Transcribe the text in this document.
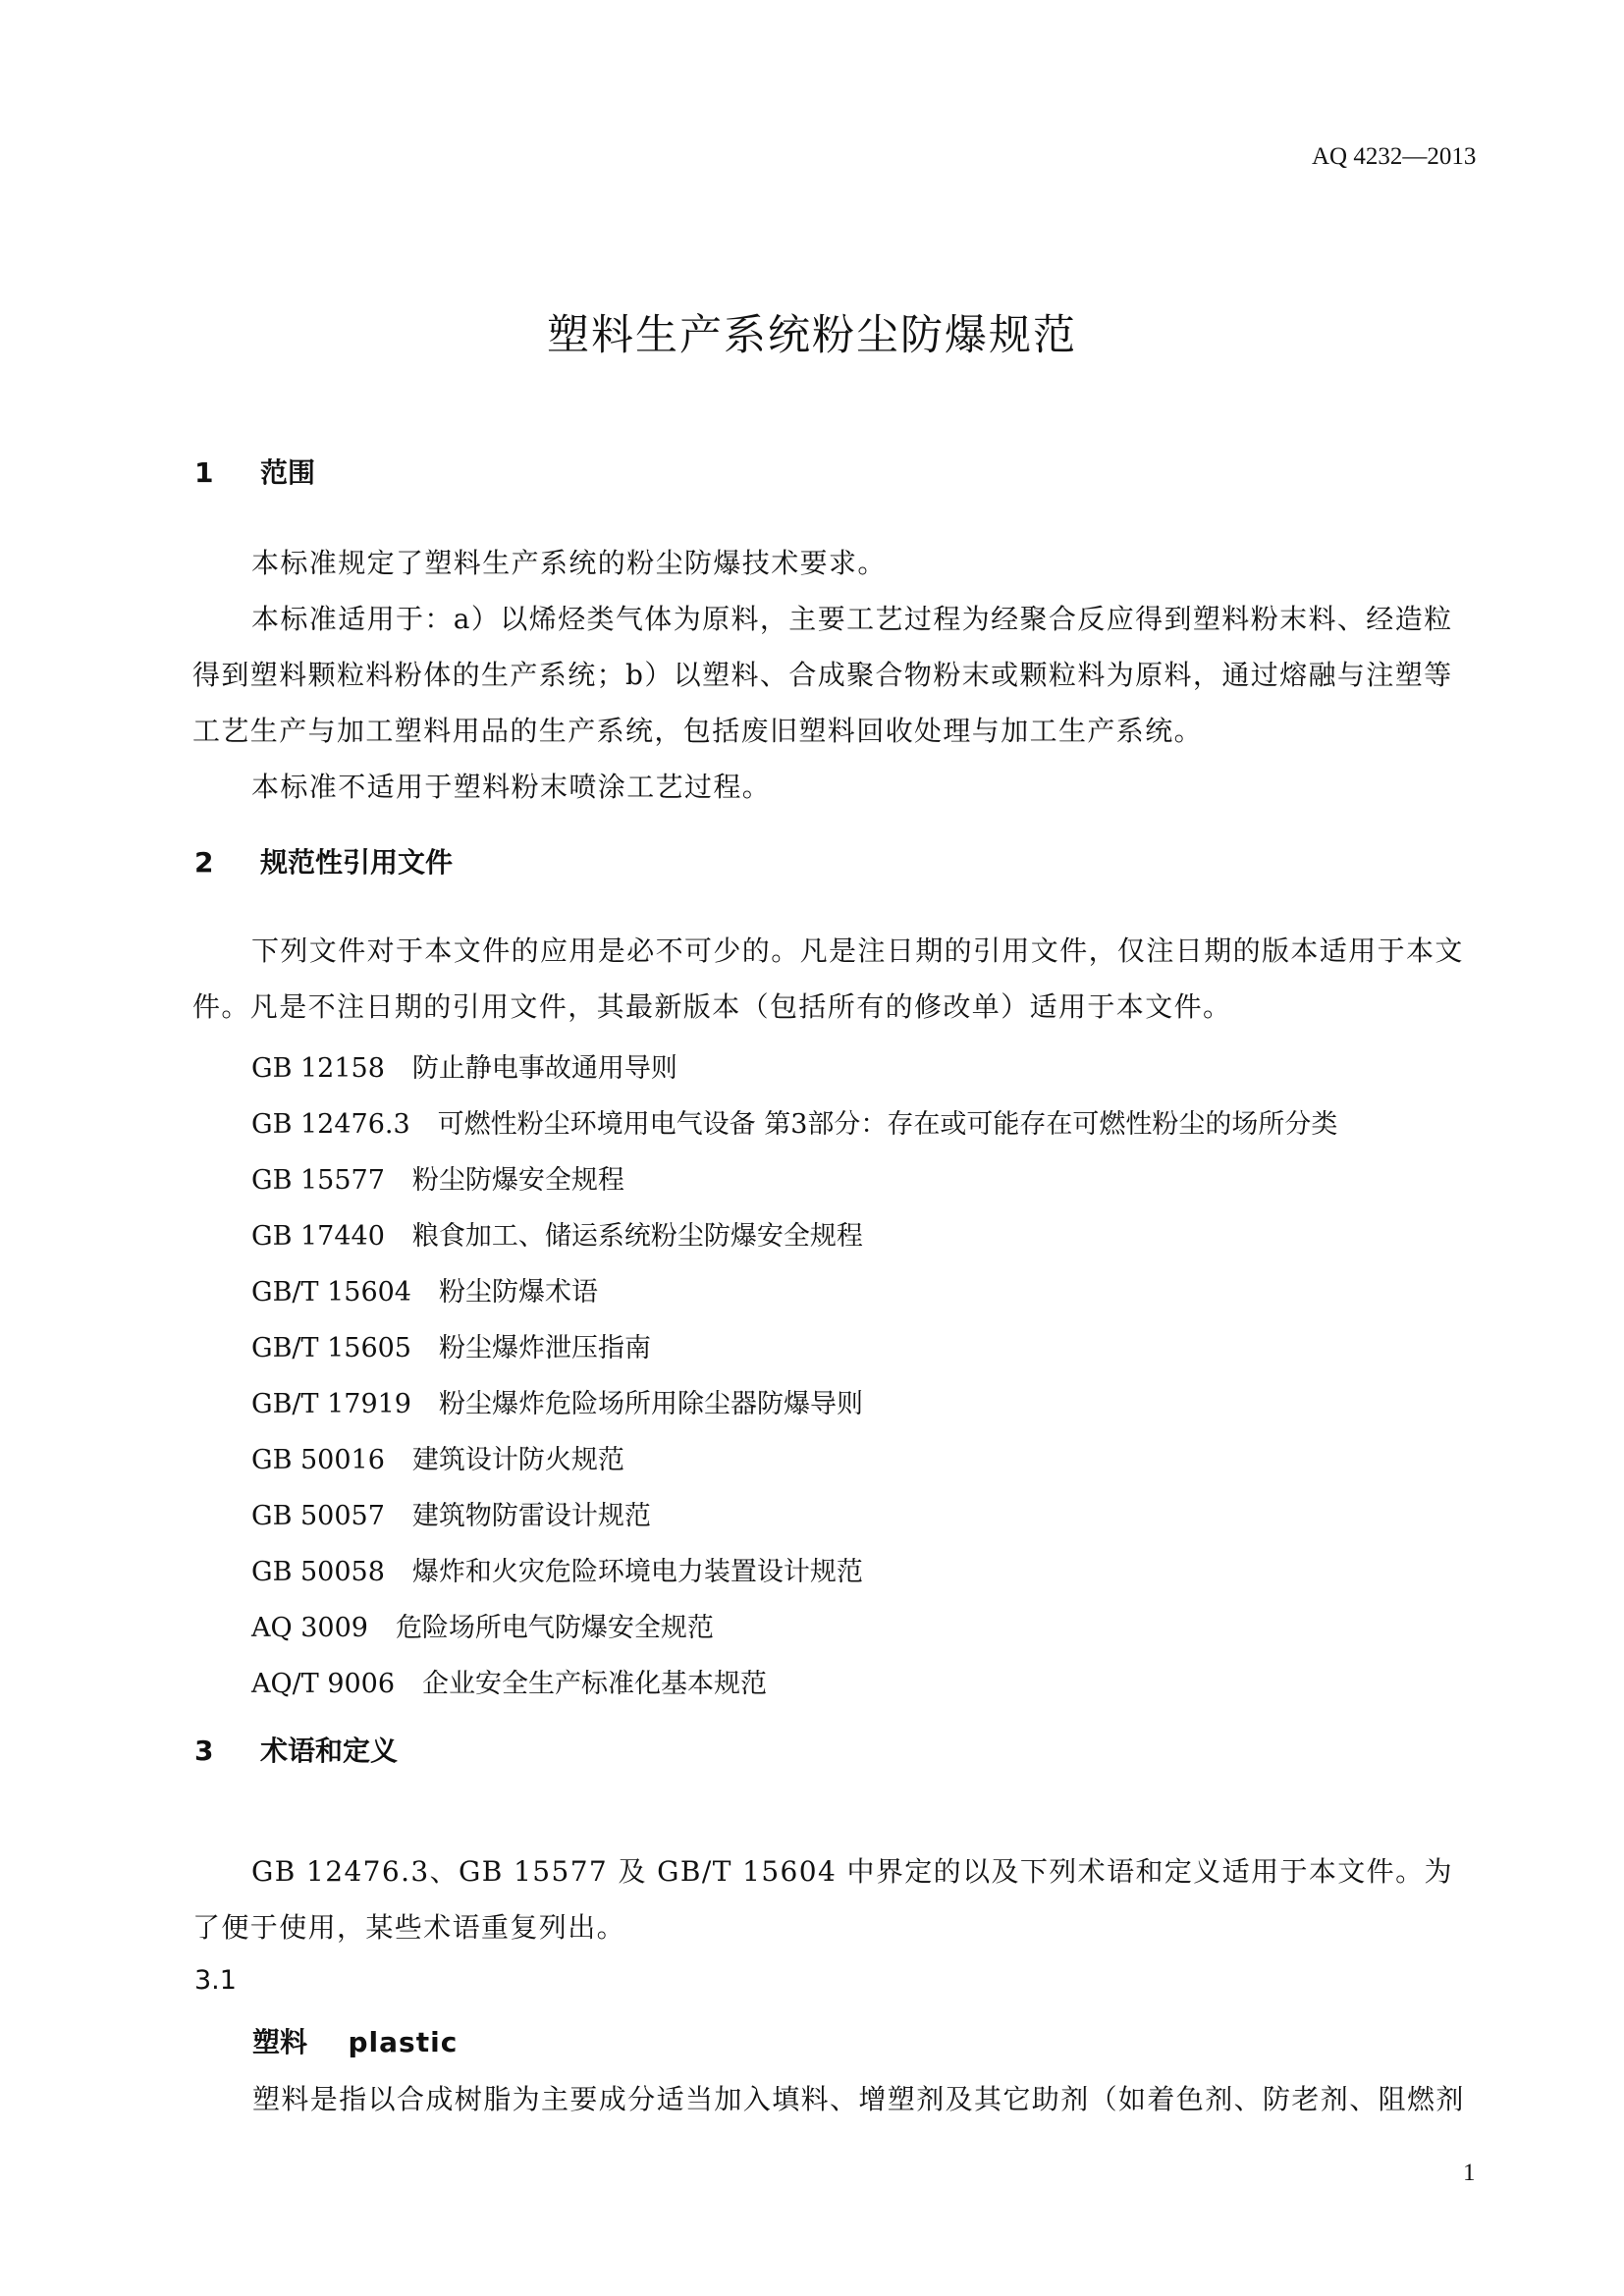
AQ 4232—2013
塑料生产系统粉尘防爆规范
1 范围

本标准规定了塑料生产系统的粉尘防爆技术要求。

本标准适用于：a）以烯烃类气体为原料，主要工艺过程为经聚合反应得到塑料粉末料、经造粒得到塑料颗粒料粉体的生产系统；b）以塑料、合成聚合物粉末或颗粒料为原料，通过熔融与注塑等工艺生产与加工塑料用品的生产系统，包括废旧塑料回收处理与加工生产系统。

本标准不适用于塑料粉末喷涂工艺过程。

2 规范性引用文件

下列文件对于本文件的应用是必不可少的。凡是注日期的引用文件，仅注日期的版本适用于本文件。凡是不注日期的引用文件，其最新版本（包括所有的修改单）适用于本文件。

GB 12158 防止静电事故通用导则
GB 12476.3 可燃性粉尘环境用电气设备 第3部分：存在或可能存在可燃性粉尘的场所分类
GB 15577 粉尘防爆安全规程
GB 17440 粮食加工、储运系统粉尘防爆安全规程
GB/T 15604 粉尘防爆术语
GB/T 15605 粉尘爆炸泄压指南
GB/T 17919 粉尘爆炸危险场所用除尘器防爆导则
GB 50016 建筑设计防火规范
GB 50057 建筑物防雷设计规范
GB 50058 爆炸和火灾危险环境电力装置设计规范
AQ 3009 危险场所电气防爆安全规范
AQ/T 9006 企业安全生产标准化基本规范
3 术语和定义

GB 12476.3、GB 15577 及 GB/T 15604 中界定的以及下列术语和定义适用于本文件。为了便于使用，某些术语重复列出。

3.1
塑料 plastic
塑料是指以合成树脂为主要成分适当加入填料、增塑剂及其它助剂（如着色剂、防老剂、阻燃剂
1
